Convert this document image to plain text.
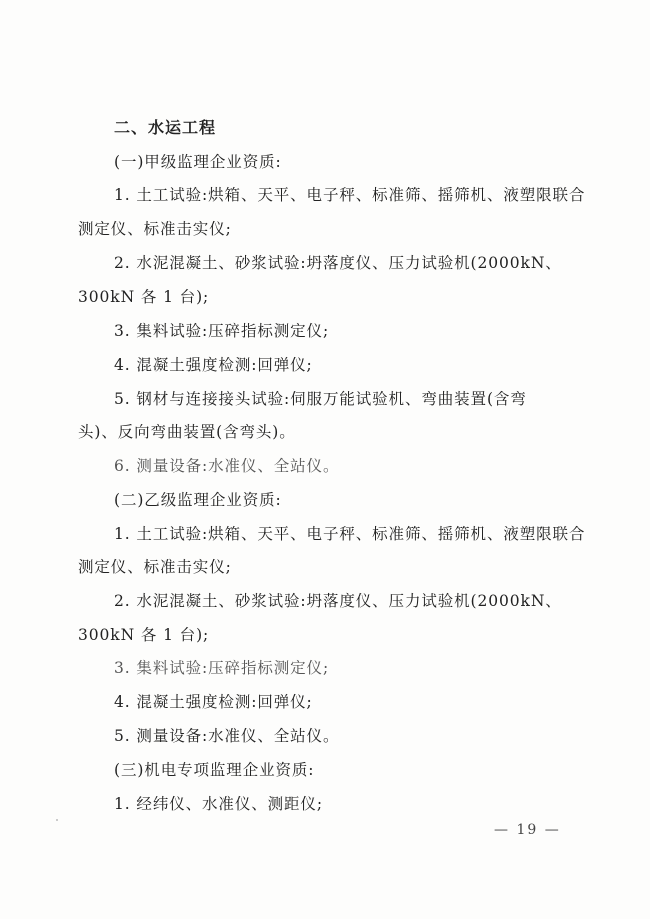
二、水运工程

(一)甲级监理企业资质:

1. 土工试验:烘箱、天平、电子秤、标准筛、摇筛机、液塑限联合

测定仪、标准击实仪;

2. 水泥混凝土、砂浆试验:坍落度仪、压力试验机(2000kN、

300kN 各 1 台);

3. 集料试验:压碎指标测定仪;

4. 混凝土强度检测:回弹仪;

5. 钢材与连接接头试验:伺服万能试验机、弯曲装置(含弯

头)、反向弯曲装置(含弯头)。

6. 测量设备:水准仪、全站仪。

(二)乙级监理企业资质:

1. 土工试验:烘箱、天平、电子秤、标准筛、摇筛机、液塑限联合

测定仪、标准击实仪;

2. 水泥混凝土、砂浆试验:坍落度仪、压力试验机(2000kN、

300kN 各 1 台);

3. 集料试验:压碎指标测定仪;

4. 混凝土强度检测:回弹仪;

5. 测量设备:水准仪、全站仪。

(三)机电专项监理企业资质:

1. 经纬仪、水准仪、测距仪;

— 19 —
